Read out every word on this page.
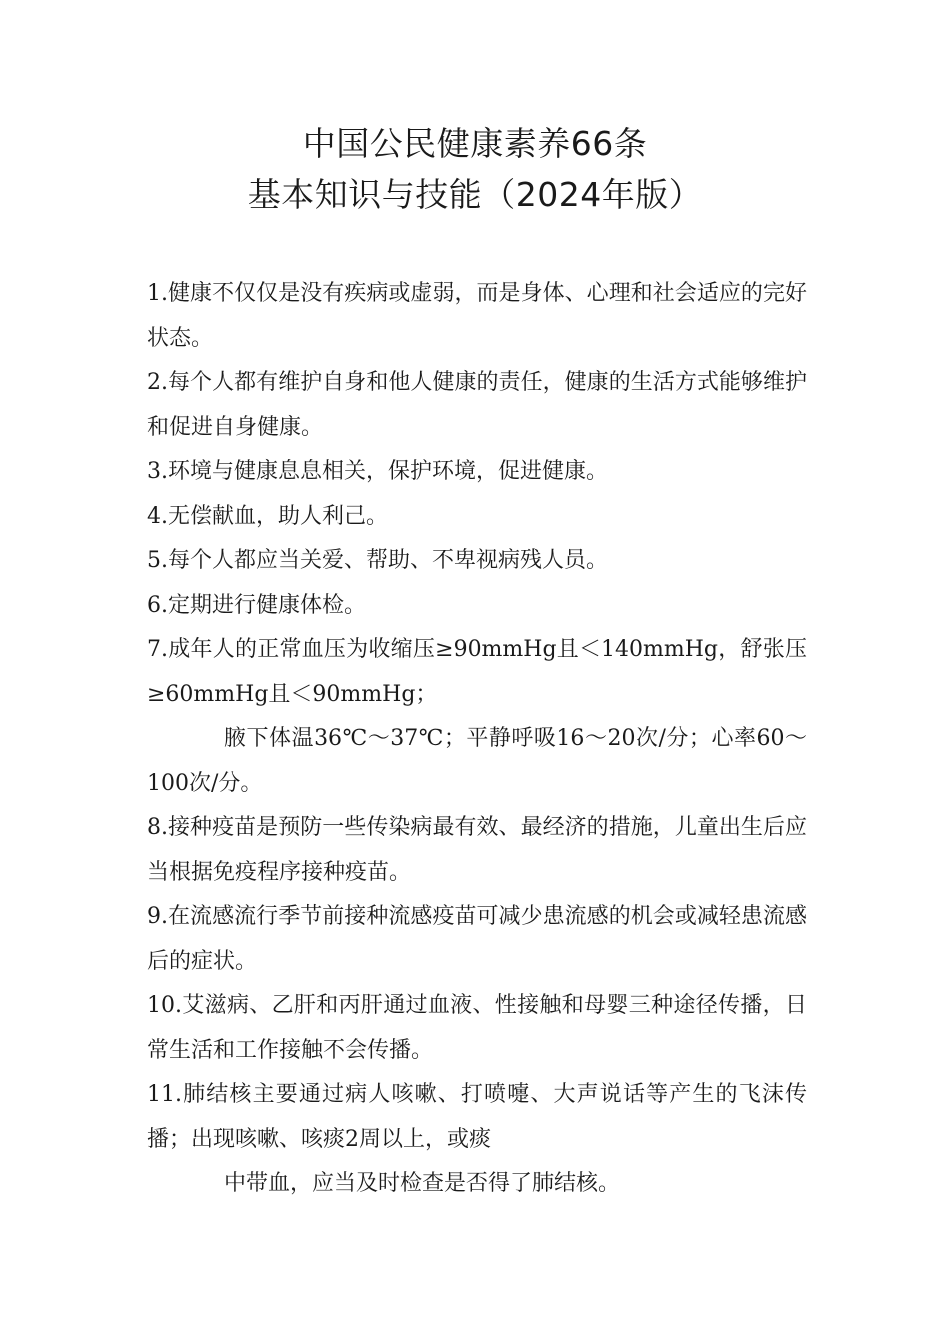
中国公民健康素养66条
基本知识与技能（2024年版）

1.健康不仅仅是没有疾病或虚弱，而是身体、心理和社会适应的完好状态。

2.每个人都有维护自身和他人健康的责任，健康的生活方式能够维护和促进自身健康。

3.环境与健康息息相关，保护环境，促进健康。

4.无偿献血，助人利己。

5.每个人都应当关爱、帮助、不卑视病残人员。

6.定期进行健康体检。

7.成年人的正常血压为收缩压≥90mmHg且＜140mmHg，舒张压≥60mmHg且＜90mmHg；

腋下体温36℃～37℃；平静呼吸16～20次/分；心率60～100次/分。

8.接种疫苗是预防一些传染病最有效、最经济的措施，儿童出生后应当根据免疫程序接种疫苗。

9.在流感流行季节前接种流感疫苗可减少患流感的机会或减轻患流感后的症状。

10.艾滋病、乙肝和丙肝通过血液、性接触和母婴三种途径传播，日常生活和工作接触不会传播。

11.肺结核主要通过病人咳嗽、打喷嚏、大声说话等产生的飞沫传播；出现咳嗽、咳痰2周以上，或痰

中带血，应当及时检查是否得了肺结核。
